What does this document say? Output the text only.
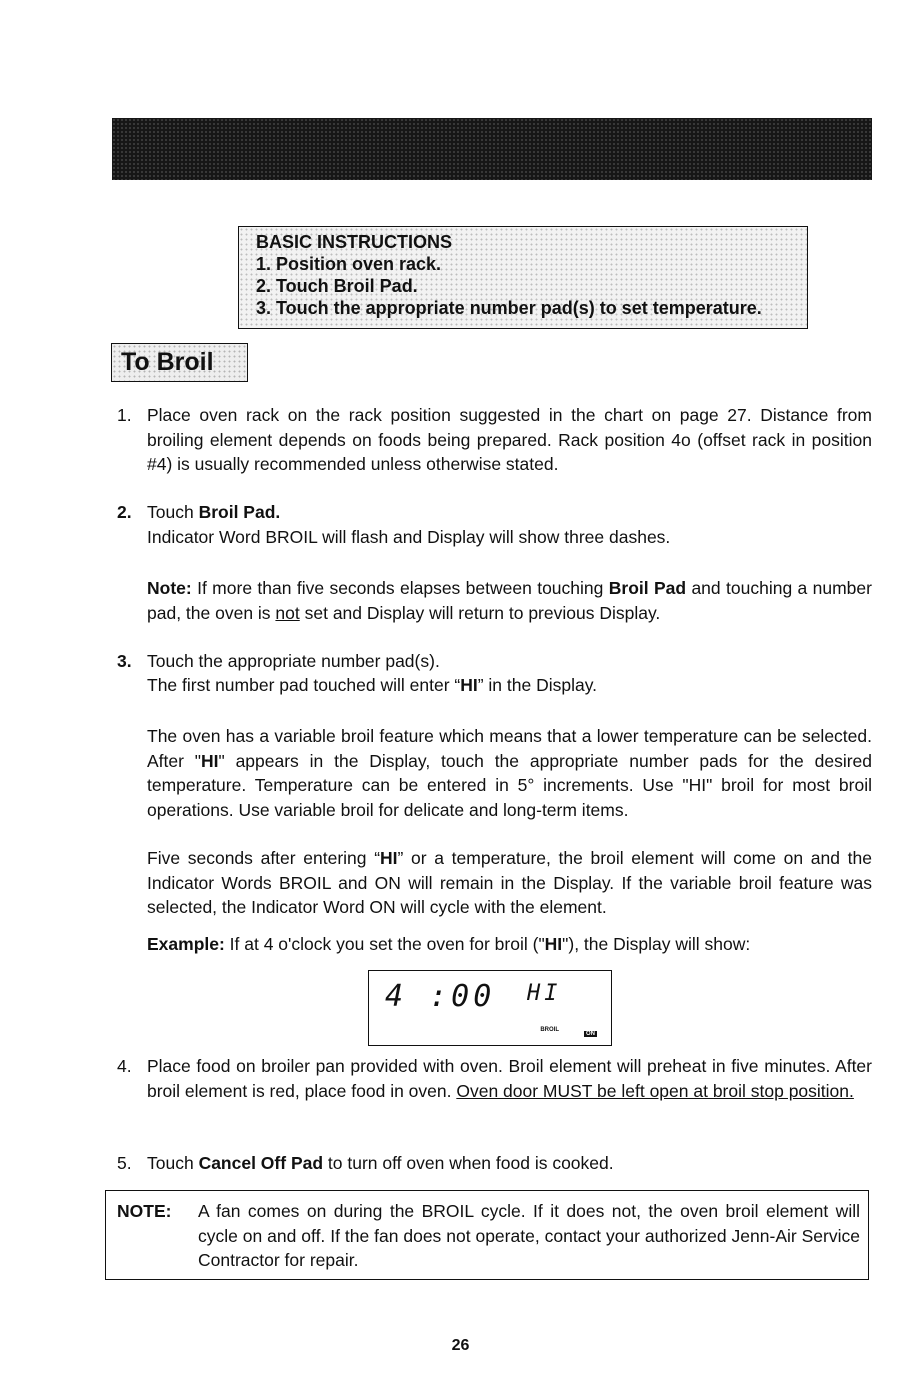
BASIC INSTRUCTIONS
1. Position oven rack.
2. Touch Broil Pad.
3. Touch the appropriate number pad(s) to set temperature.
To Broil
1. Place oven rack on the rack position suggested in the chart on page 27. Distance from broiling element depends on foods being prepared. Rack position 4o (offset rack in position #4) is usually recommended unless otherwise stated.
2. Touch Broil Pad.
Indicator Word BROIL will flash and Display will show three dashes.
Note: If more than five seconds elapses between touching Broil Pad and touching a number pad, the oven is not set and Display will return to previous Display.
3. Touch the appropriate number pad(s).
The first number pad touched will enter “HI” in the Display.
The oven has a variable broil feature which means that a lower temperature can be selected. After "HI" appears in the Display, touch the appropriate number pads for the desired temperature. Temperature can be entered in 5° increments. Use "HI" broil for most broil operations. Use variable broil for delicate and long-term items.
Five seconds after entering “HI” or a temperature, the broil element will come on and the Indicator Words BROIL and ON will remain in the Display. If the variable broil feature was selected, the Indicator Word ON will cycle with the element.
Example: If at 4 o'clock you set the oven for broil ("HI"), the Display will show:
4 :00 HI
BROIL
ON
4. Place food on broiler pan provided with oven. Broil element will preheat in five minutes. After broil element is red, place food in oven. Oven door MUST be left open at broil stop position.
5. Touch Cancel Off Pad to turn off oven when food is cooked.
NOTE: A fan comes on during the BROIL cycle. If it does not, the oven broil element will cycle on and off. If the fan does not operate, contact your authorized Jenn-Air Service Contractor for repair.
26
